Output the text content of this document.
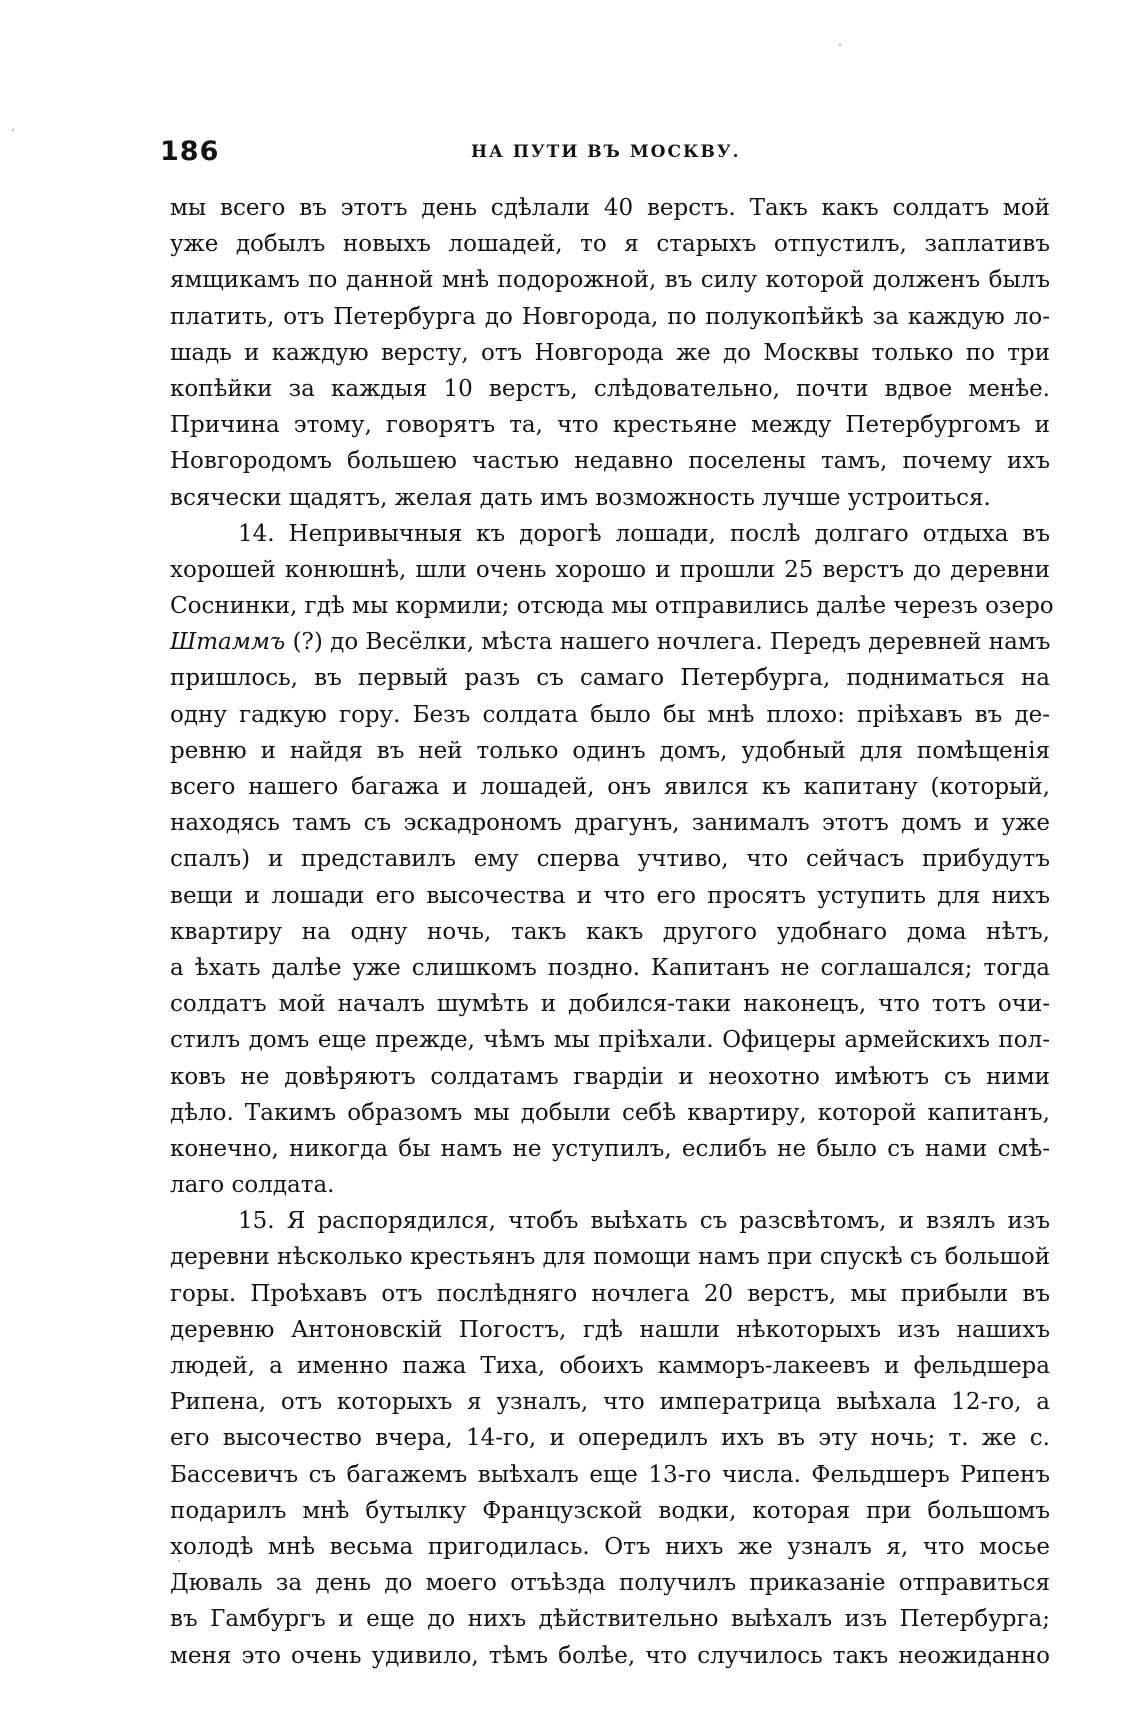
186	НА ПУТИ ВЪ МОСКВУ.
мы всего въ этотъ день сдѣлали 40 верстъ. Такъ какъ солдатъ мой
уже добылъ новыхъ лошадей, то я старыхъ отпустилъ, заплативъ
ямщикамъ по данной мнѣ подорожной, въ силу которой долженъ былъ
платить, отъ Петербурга до Новгорода, по полукопѣйкѣ за каждую ло-
шадь и каждую версту, отъ Новгорода же до Москвы только по три
копѣйки за каждыя 10 верстъ, слѣдовательно, почти вдвое менѣе.
Причина этому, говорятъ та, что крестьяне между Петербургомъ и
Новгородомъ большею частью недавно поселены тамъ, почему ихъ
всячески щадятъ, желая дать имъ возможность лучше устроиться.
14. Непривычныя къ дорогѣ лошади, послѣ долгаго отдыха въ
хорошей конюшнѣ, шли очень хорошо и прошли 25 верстъ до деревни
Соснинки, гдѣ мы кормили; отсюда мы отправились далѣе черезъ озеро
Штаммъ (?) до Весёлки, мѣста нашего ночлега. Передъ деревней намъ
пришлось, въ первый разъ съ самаго Петербурга, подниматься на
одну гадкую гору. Безъ солдата было бы мнѣ плохо: пріѣхавъ въ де-
ревню и найдя въ ней только одинъ домъ, удобный для помѣщенія
всего нашего багажа и лошадей, онъ явился къ капитану (который,
находясь тамъ съ эскадрономъ драгунъ, занималъ этотъ домъ и уже
спалъ) и представилъ ему сперва учтиво, что сейчасъ прибудутъ
вещи и лошади его высочества и что его просятъ уступить для нихъ
квартиру на одну ночь, такъ какъ другого удобнаго дома нѣтъ,
а ѣхать далѣе уже слишкомъ поздно. Капитанъ не соглашался; тогда
солдатъ мой началъ шумѣть и добился-таки наконецъ, что тотъ очи-
стилъ домъ еще прежде, чѣмъ мы пріѣхали. Офицеры армейскихъ пол-
ковъ не довѣряютъ солдатамъ гвардіи и неохотно имѣютъ съ ними
дѣло. Такимъ образомъ мы добыли себѣ квартиру, которой капитанъ,
конечно, никогда бы намъ не уступилъ, еслибъ не было съ нами смѣ-
лаго солдата.
15. Я распорядился, чтобъ выѣхать съ разсвѣтомъ, и взялъ изъ
деревни нѣсколько крестьянъ для помощи намъ при спускѣ съ большой
горы. Проѣхавъ отъ послѣдняго ночлега 20 верстъ, мы прибыли въ
деревню Антоновскій Погостъ, гдѣ нашли нѣкоторыхъ изъ нашихъ
людей, а именно пажа Тиха, обоихъ камморъ-лакеевъ и фельдшера
Рипена, отъ которыхъ я узналъ, что императрица выѣхала 12-го, а
его высочество вчера, 14-го, и опередилъ ихъ въ эту ночь; т. же с.
Бассевичъ съ багажемъ выѣхалъ еще 13-го числа. Фельдшеръ Рипенъ
подарилъ мнѣ бутылку Французской водки, которая при большомъ
холодѣ мнѣ весьма пригодилась. Отъ нихъ же узналъ я, что мосье
Дюваль за день до моего отъѣзда получилъ приказаніе отправиться
въ Гамбургъ и еще до нихъ дѣйствительно выѣхалъ изъ Петербурга;
меня это очень удивило, тѣмъ болѣе, что случилось такъ неожиданно
